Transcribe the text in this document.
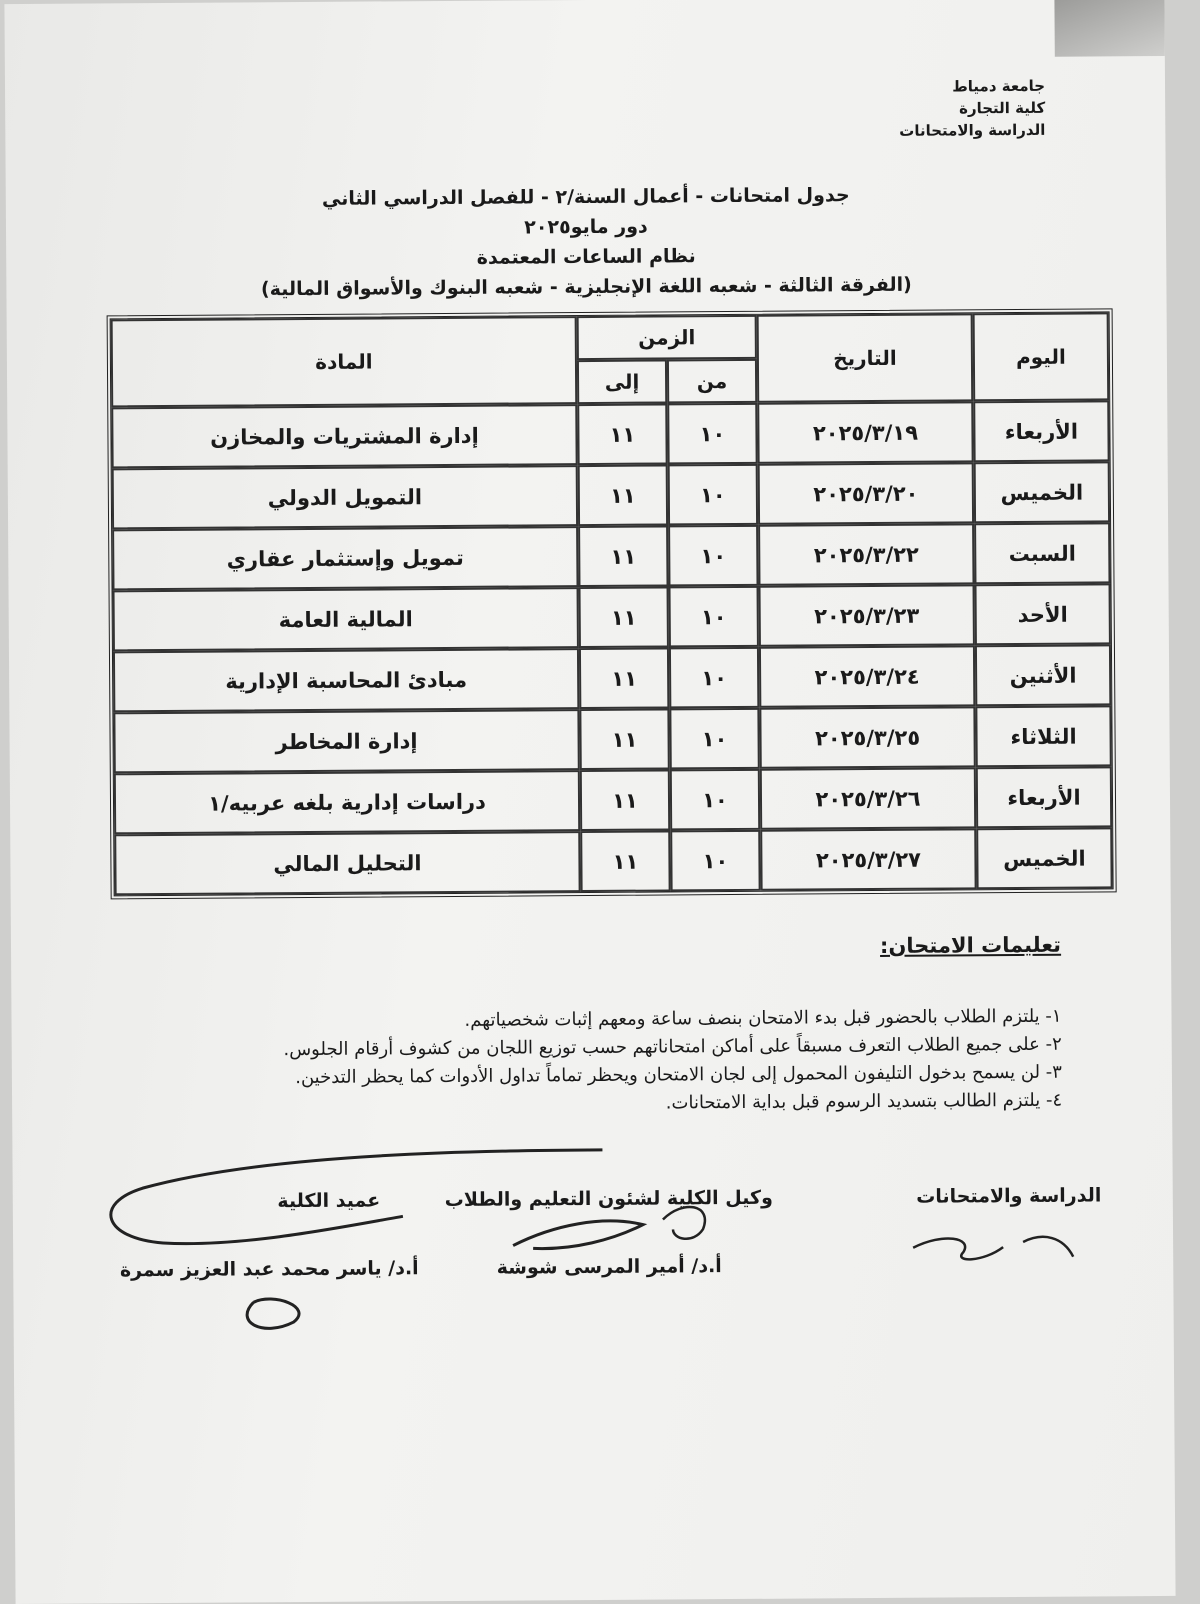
جامعة دمياط
كلية التجارة
الدراسة والامتحانات
جدول امتحانات - أعمال السنة/٢ - للفصل الدراسي الثاني
دور مايو٢٠٢٥
نظام الساعات المعتمدة
(الفرقة الثالثة - شعبه اللغة الإنجليزية - شعبه البنوك والأسواق المالية)
اليوم	التاريخ	الزمن		المادة
		من	إلى	
الأربعاء	٢٠٢٥/٣/١٩	١٠	١١	إدارة المشتريات والمخازن
الخميس	٢٠٢٥/٣/٢٠	١٠	١١	التمويل الدولي
السبت	٢٠٢٥/٣/٢٢	١٠	١١	تمويل وإستثمار عقاري
الأحد	٢٠٢٥/٣/٢٣	١٠	١١	المالية العامة
الأثنين	٢٠٢٥/٣/٢٤	١٠	١١	مبادئ المحاسبة الإدارية
الثلاثاء	٢٠٢٥/٣/٢٥	١٠	١١	إدارة المخاطر
الأربعاء	٢٠٢٥/٣/٢٦	١٠	١١	دراسات إدارية بلغه عربيه/١
الخميس	٢٠٢٥/٣/٢٧	١٠	١١	التحليل المالي
تعليمات الامتحان:
١- يلتزم الطلاب بالحضور قبل بدء الامتحان بنصف ساعة ومعهم إثبات شخصياتهم.
٢- على جميع الطلاب التعرف مسبقاً على أماكن امتحاناتهم حسب توزيع اللجان من كشوف أرقام الجلوس.
٣- لن يسمح بدخول التليفون المحمول إلى لجان الامتحان ويحظر تماماً تداول الأدوات كما يحظر التدخين.
٤- يلتزم الطالب بتسديد الرسوم قبل بداية الامتحانات.
الدراسة والامتحانات
وكيل الكلية لشئون التعليم والطلاب
أ.د/ أمير المرسى شوشة
عميد الكلية
أ.د/ ياسر محمد عبد العزيز سمرة
